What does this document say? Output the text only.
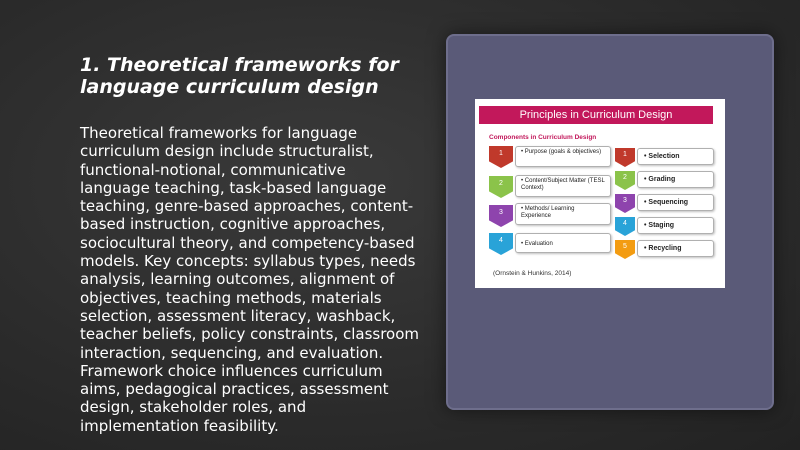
1. Theoretical frameworks for language curriculum design
Theoretical frameworks for language curriculum design include structuralist, functional-notional, communicative language teaching, task-based language teaching, genre-based approaches, content-based instruction, cognitive approaches, sociocultural theory, and competency-based models. Key concepts: syllabus types, needs analysis, learning outcomes, alignment of objectives, teaching methods, materials selection, assessment literacy, washback, teacher beliefs, policy constraints, classroom interaction, sequencing, and evaluation. Framework choice influences curriculum aims, pedagogical practices, assessment design, stakeholder roles, and implementation feasibility.
Principles in Curriculum Design
Components in Curriculum Design
1	• Purpose (goals & objectives)
2	• Content/Subject Matter (TESL Context)
3	• Methods/ Learning Experience
4	• Evaluation
1	• Selection
2	• Grading
3	• Sequencing
4	• Staging
5	• Recycling
(Ornstein & Hunkins, 2014)
